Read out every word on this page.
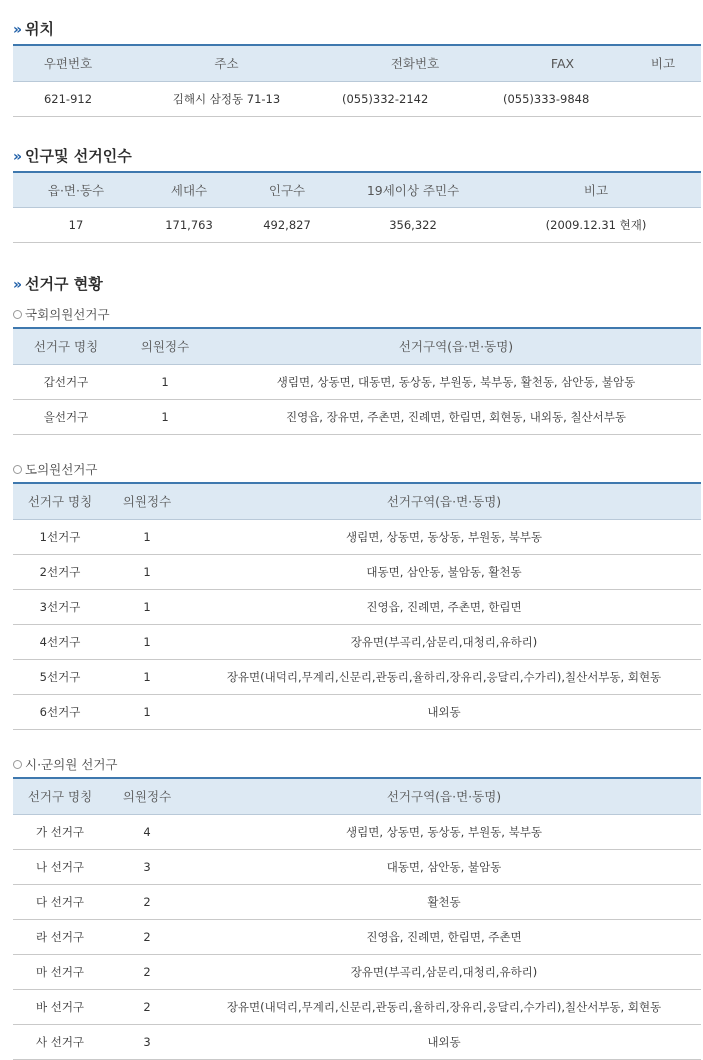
» 위치
우편번호	주소	전화번호	FAX	비고
621-912	김해시 삼정동 71-13	(055)332-2142	(055)333-9848	
» 인구및 선거인수
읍·면·동수	세대수	인구수	19세이상 주민수	비고
17	171,763	492,827	356,322	(2009.12.31 현재)
» 선거구 현황
국회의원선거구
선거구 명칭	의원정수	선거구역(읍·면·동명)
갑선거구	1	생림면, 상동면, 대동면, 동상동, 부원동, 북부동, 활천동, 삼안동, 불암동
을선거구	1	진영읍, 장유면, 주촌면, 진례면, 한림면, 회현동, 내외동, 칠산서부동
도의원선거구
선거구 명칭	의원정수	선거구역(읍·면·동명)
1선거구	1	생림면, 상동면, 동상동, 부원동, 북부동
2선거구	1	대동면, 삼안동, 불암동, 활천동
3선거구	1	진영읍, 진례면, 주촌면, 한림면
4선거구	1	장유면(부곡리,삼문리,대청리,유하리)
5선거구	1	장유면(내덕리,무계리,신문리,관동리,율하리,장유리,응달리,수가리),칠산서부동, 회현동
6선거구	1	내외동
시·군의원 선거구
선거구 명칭	의원정수	선거구역(읍·면·동명)
가 선거구	4	생림면, 상동면, 동상동, 부원동, 북부동
나 선거구	3	대동면, 삼안동, 불암동
다 선거구	2	활천동
라 선거구	2	진영읍, 진례면, 한림면, 주촌면
마 선거구	2	장유면(부곡리,삼문리,대청리,유하리)
바 선거구	2	장유면(내덕리,무계리,신문리,관동리,율하리,장유리,응달리,수가리),칠산서부동, 회현동
사 선거구	3	내외동
